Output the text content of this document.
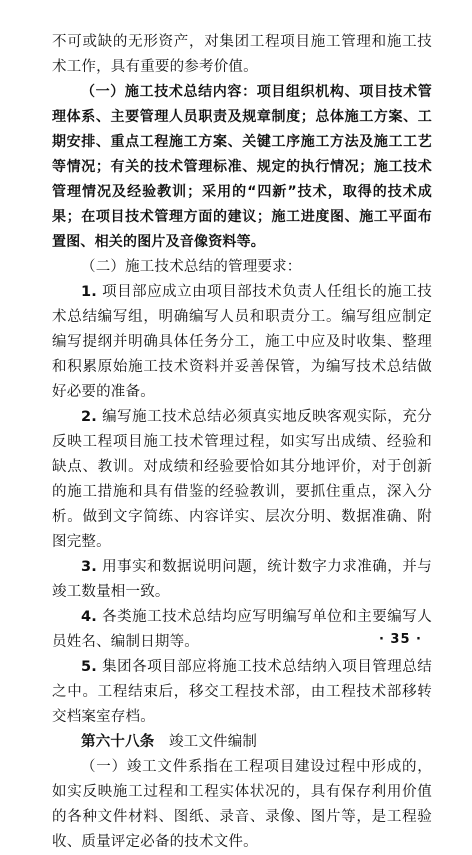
不可或缺的无形资产，对集团工程项目施工管理和施工技术工作，具有重要的参考价值。

（一）施工技术总结内容：项目组织机构、项目技术管理体系、主要管理人员职责及规章制度；总体施工方案、工期安排、重点工程施工方案、关键工序施工方法及施工工艺等情况；有关的技术管理标准、规定的执行情况；施工技术管理情况及经验教训；采用的“四新”技术，取得的技术成果；在项目技术管理方面的建议；施工进度图、施工平面布置图、相关的图片及音像资料等。

（二）施工技术总结的管理要求：

1. 项目部应成立由项目部技术负责人任组长的施工技术总结编写组，明确编写人员和职责分工。编写组应制定编写提纲并明确具体任务分工，施工中应及时收集、整理和积累原始施工技术资料并妥善保管，为编写技术总结做好必要的准备。

2. 编写施工技术总结必须真实地反映客观实际，充分反映工程项目施工技术管理过程，如实写出成绩、经验和缺点、教训。对成绩和经验要恰如其分地评价，对于创新的施工措施和具有借鉴的经验教训，要抓住重点，深入分析。做到文字简练、内容详实、层次分明、数据准确、附图完整。

3. 用事实和数据说明问题，统计数字力求准确，并与竣工数量相一致。

4. 各类施工技术总结均应写明编写单位和主要编写人员姓名、编制日期等。

5. 集团各项目部应将施工技术总结纳入项目管理总结之中。工程结束后，移交工程技术部，由工程技术部移转交档案室存档。

第六十八条 竣工文件编制

（一）竣工文件系指在工程项目建设过程中形成的，如实反映施工过程和工程实体状况的，具有保存利用价值的各种文件材料、图纸、录音、录像、图片等，是工程验收、质量评定必备的技术文件。

· 35 ·
